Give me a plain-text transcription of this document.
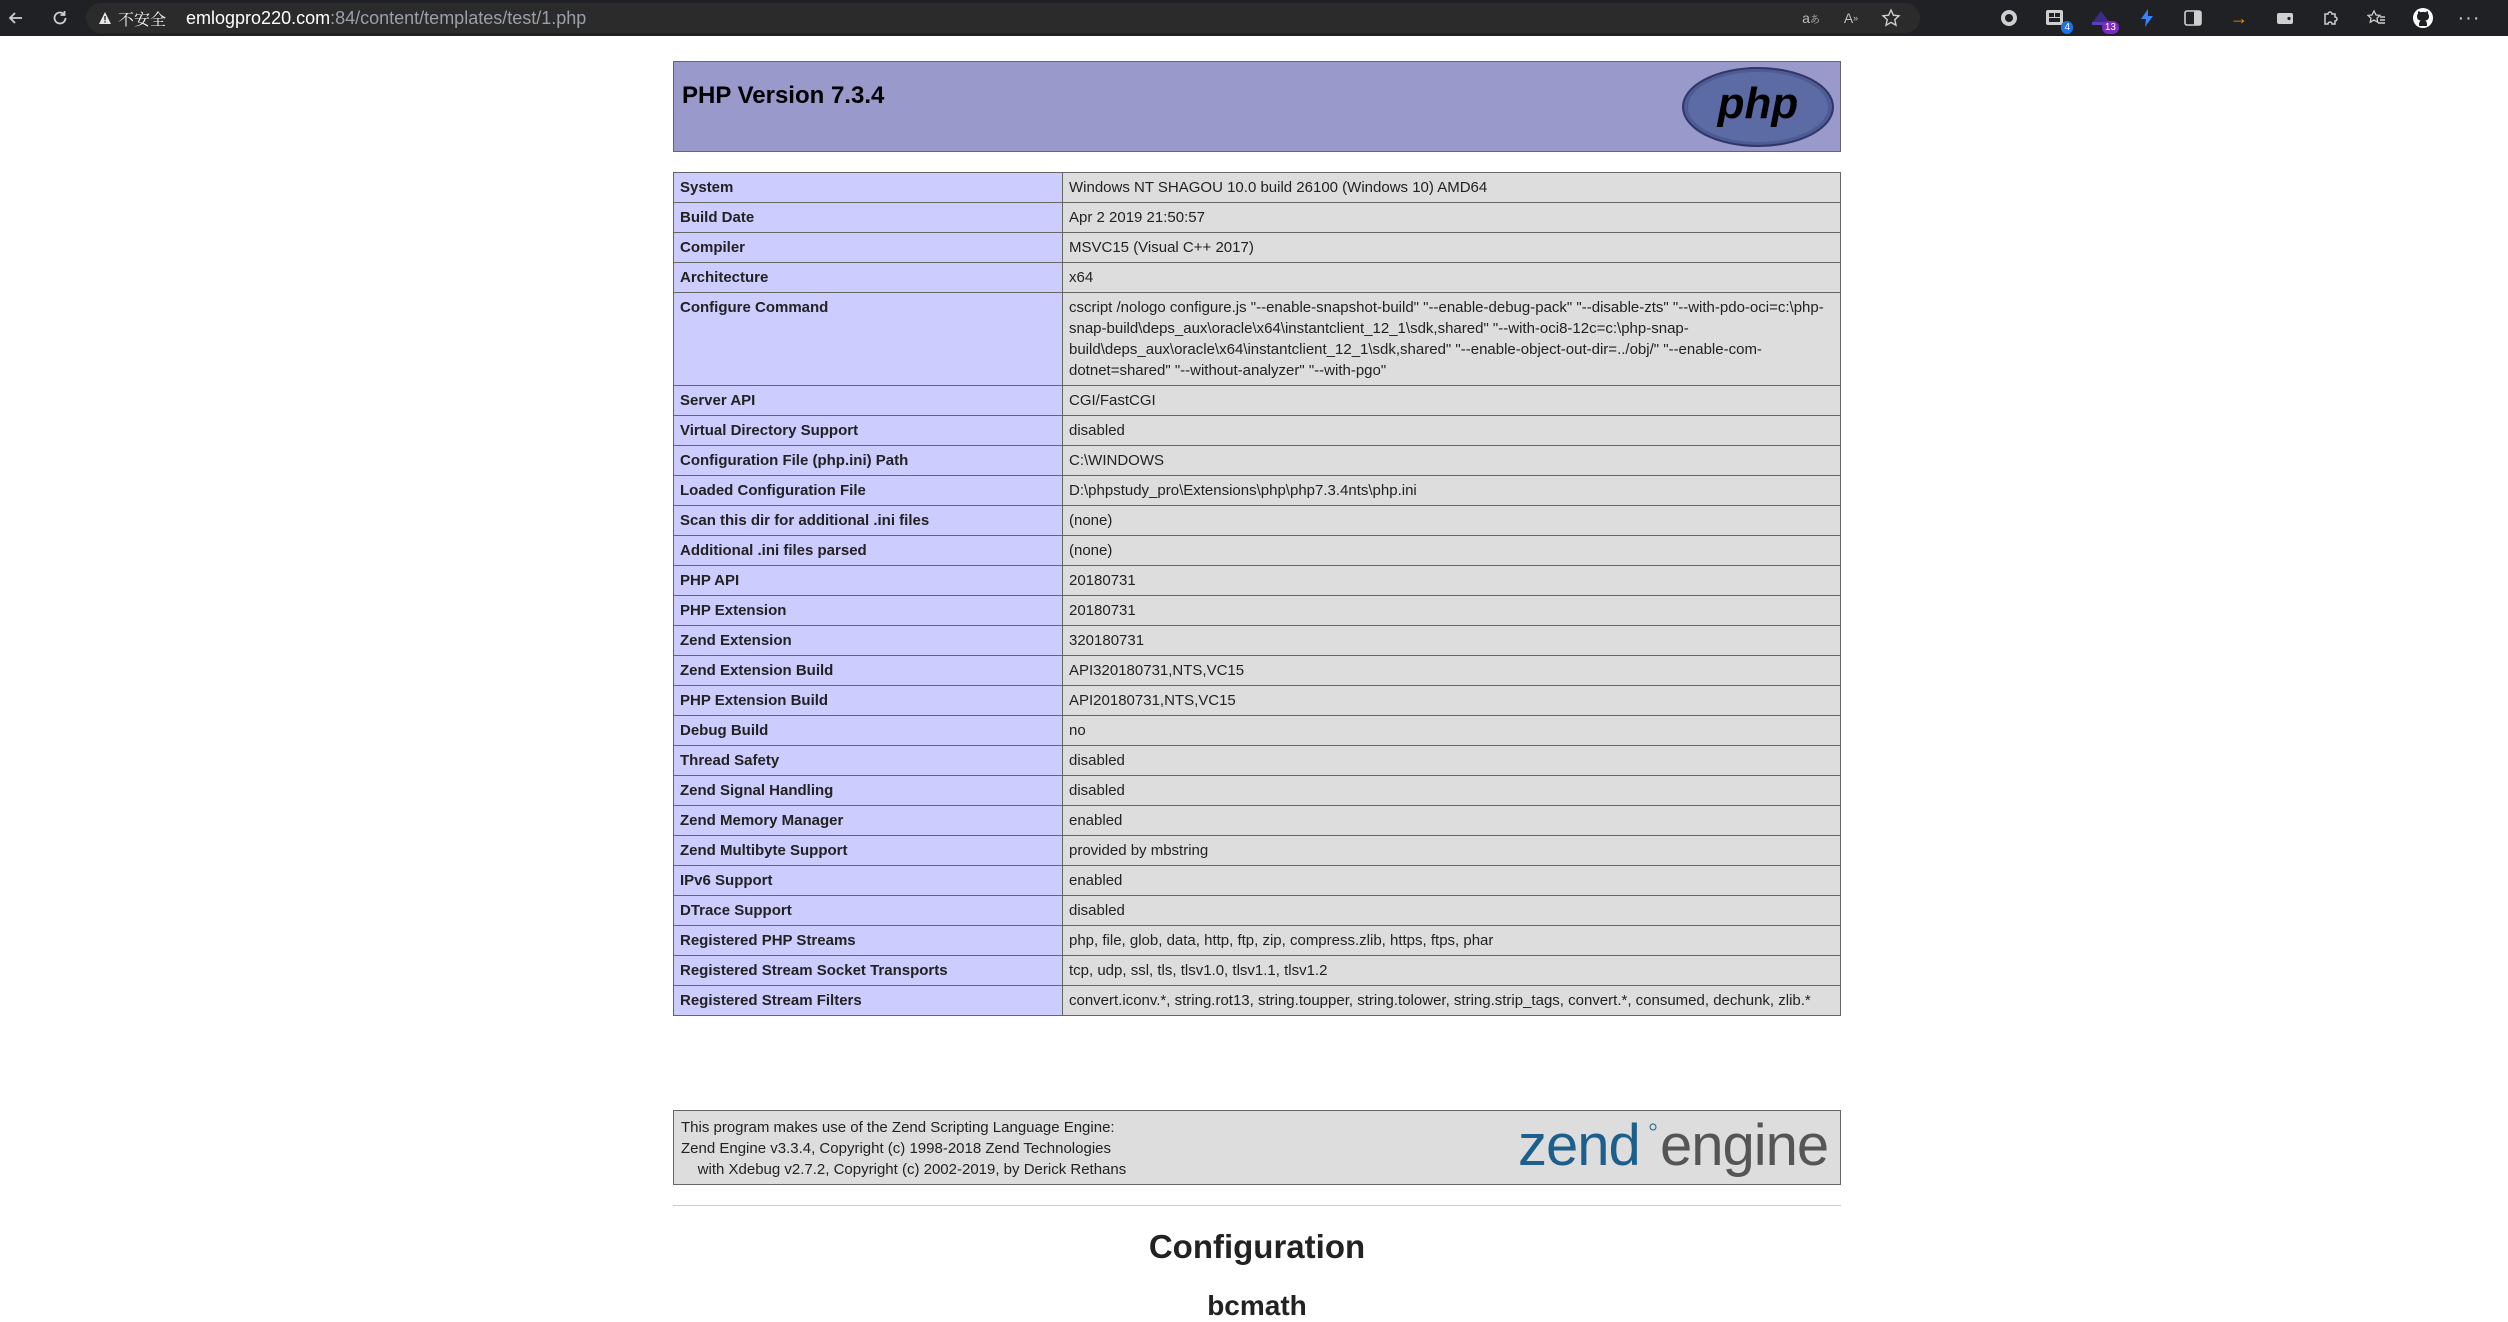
不安全 emlogpro220.com:84/content/templates/test/1.php	a あ A »
4	13	→	···
PHP Version 7.3.4	php
System	Windows NT SHAGOU 10.0 build 26100 (Windows 10) AMD64
Build Date	Apr 2 2019 21:50:57
Compiler	MSVC15 (Visual C++ 2017)
Architecture	x64
Configure Command	cscript /nologo configure.js "--enable-snapshot-build" "--enable-debug-pack" "--disable-zts" "--with-pdo-oci=c:\php-snap-build\deps_aux\oracle\x64\instantclient_12_1\sdk,shared" "--with-oci8-12c=c:\php-snap-build\deps_aux\oracle\x64\instantclient_12_1\sdk,shared" "--enable-object-out-dir=../obj/" "--enable-com-dotnet=shared" "--without-analyzer" "--with-pgo"
Server API	CGI/FastCGI
Virtual Directory Support	disabled
Configuration File (php.ini) Path	C:\WINDOWS
Loaded Configuration File	D:\phpstudy_pro\Extensions\php\php7.3.4nts\php.ini
Scan this dir for additional .ini files	(none)
Additional .ini files parsed	(none)
PHP API	20180731
PHP Extension	20180731
Zend Extension	320180731
Zend Extension Build	API320180731,NTS,VC15
PHP Extension Build	API20180731,NTS,VC15
Debug Build	no
Thread Safety	disabled
Zend Signal Handling	disabled
Zend Memory Manager	enabled
Zend Multibyte Support	provided by mbstring
IPv6 Support	enabled
DTrace Support	disabled
Registered PHP Streams	php, file, glob, data, http, ftp, zip, compress.zlib, https, ftps, phar
Registered Stream Socket Transports	tcp, udp, ssl, tls, tlsv1.0, tlsv1.1, tlsv1.2
Registered Stream Filters	convert.iconv.*, string.rot13, string.toupper, string.tolower, string.strip_tags, convert.*, consumed, dechunk, zlib.*
This program makes use of the Zend Scripting Language Engine:
Zend Engine v3.3.4, Copyright (c) 1998-2018 Zend Technologies
with Xdebug v2.7.2, Copyright (c) 2002-2019, by Derick Rethans	zend engine
Configuration
bcmath
